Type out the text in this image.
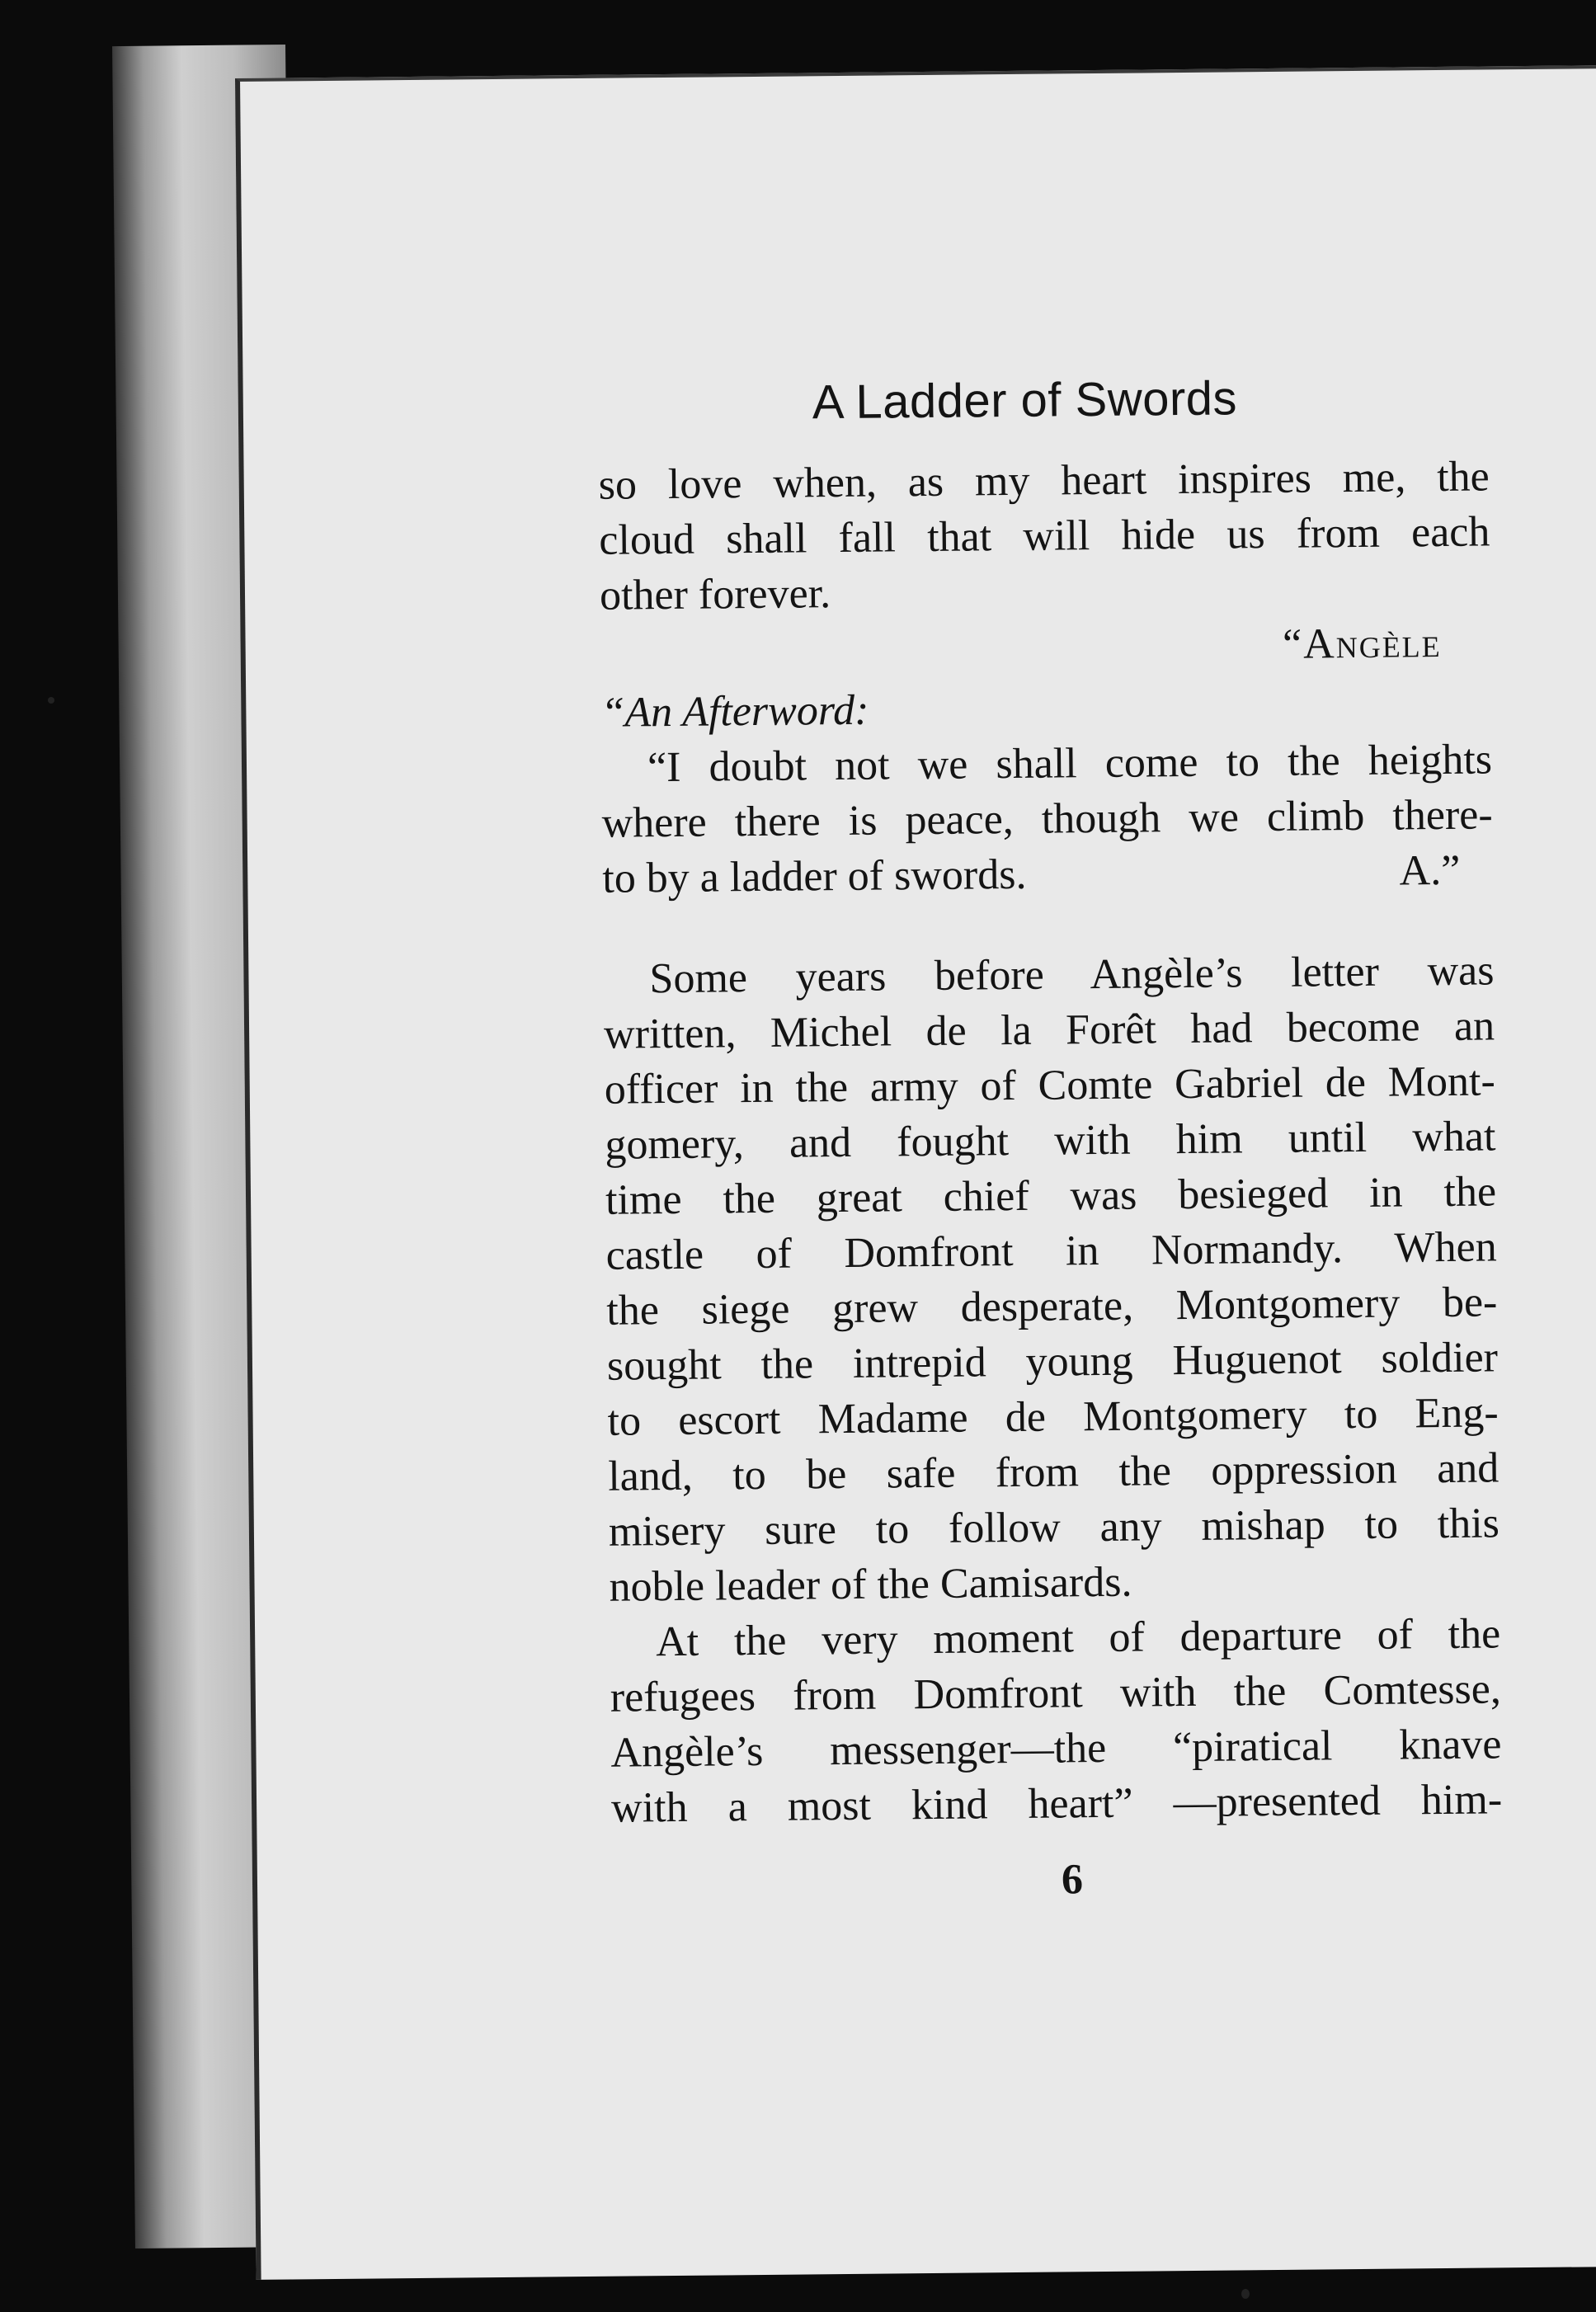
A Ladder of Swords
so love when, as my heart inspires me, the
cloud shall fall that will hide us from each
other forever.
“Angèle
“An Afterword:
“I doubt not we shall come to the heights
where there is peace, though we climb there-
to by a ladder of swords.	A.”
Some years before Angèle’s letter was
written, Michel de la Forêt had become an
officer in the army of Comte Gabriel de Mont-
gomery, and fought with him until what
time the great chief was besieged in the
castle of Domfront in Normandy. When
the siege grew desperate, Montgomery be-
sought the intrepid young Huguenot soldier
to escort Madame de Montgomery to Eng-
land, to be safe from the oppression and
misery sure to follow any mishap to this
noble leader of the Camisards.
At the very moment of departure of the
refugees from Domfront with the Comtesse,
Angèle’s messenger—the “piratical knave
with a most kind heart” —presented him-
6
